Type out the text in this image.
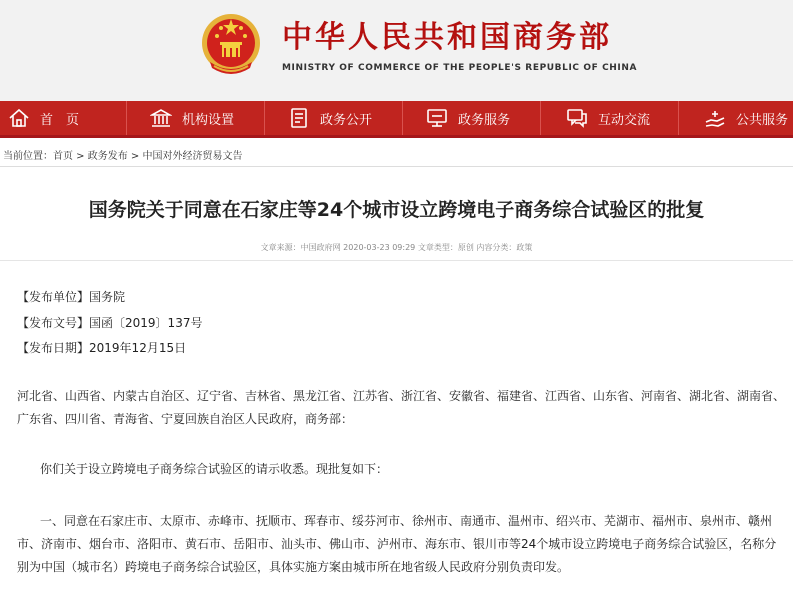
中华人民共和国商务部
MINISTRY OF COMMERCE OF THE PEOPLE'S REPUBLIC OF CHINA
首　页	机构设置	政务公开	政务服务	互动交流	公共服务
当前位置：首页 > 政务发布 > 中国对外经济贸易文告
国务院关于同意在石家庄等24个城市设立跨境电子商务综合试验区的批复
文章来源：中国政府网 2020-03-23 09:29 文章类型：原创 内容分类：政策
【发布单位】国务院
【发布文号】国函〔2019〕137号
【发布日期】2019年12月15日
河北省、山西省、内蒙古自治区、辽宁省、吉林省、黑龙江省、江苏省、浙江省、安徽省、福建省、江西省、山东省、河南省、湖北省、湖南省、广东省、四川省、青海省、宁夏回族自治区人民政府，商务部：
你们关于设立跨境电子商务综合试验区的请示收悉。现批复如下：
一、同意在石家庄市、太原市、赤峰市、抚顺市、珲春市、绥芬河市、徐州市、南通市、温州市、绍兴市、芜湖市、福州市、泉州市、赣州市、济南市、烟台市、洛阳市、黄石市、岳阳市、汕头市、佛山市、泸州市、海东市、银川市等24个城市设立跨境电子商务综合试验区，名称分别为中国（城市名）跨境电子商务综合试验区，具体实施方案由城市所在地省级人民政府分别负责印发。
